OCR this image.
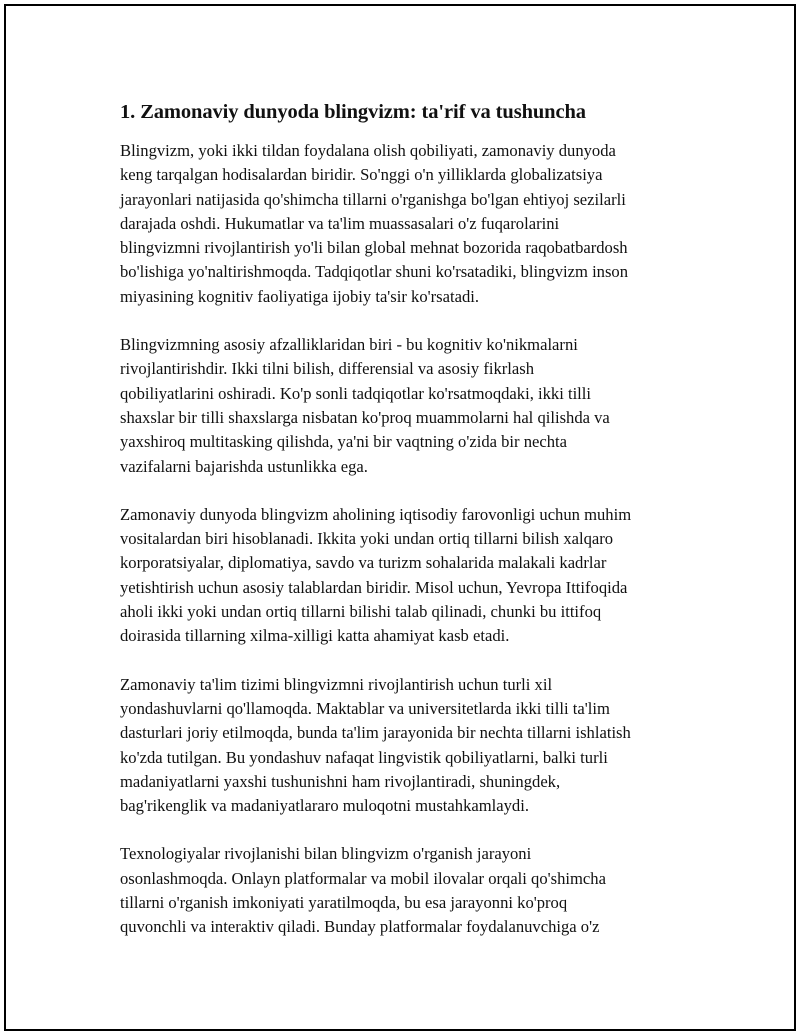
1. Zamonaviy dunyoda blingvizm: ta'rif va tushuncha

Blingvizm, yoki ikki tildan foydalana olish qobiliyati, zamonaviy dunyoda
keng tarqalgan hodisalardan biridir. So'nggi o'n yilliklarda globalizatsiya
jarayonlari natijasida qo'shimcha tillarni o'rganishga bo'lgan ehtiyoj sezilarli
darajada oshdi. Hukumatlar va ta'lim muassasalari o'z fuqarolarini
blingvizmni rivojlantirish yo'li bilan global mehnat bozorida raqobatbardosh
bo'lishiga yo'naltirishmoqda. Tadqiqotlar shuni ko'rsatadiki, blingvizm inson
miyasining kognitiv faoliyatiga ijobiy ta'sir ko'rsatadi.

Blingvizmning asosiy afzalliklaridan biri - bu kognitiv ko'nikmalarni
rivojlantirishdir. Ikki tilni bilish, differensial va asosiy fikrlash
qobiliyatlarini oshiradi. Ko'p sonli tadqiqotlar ko'rsatmoqdaki, ikki tilli
shaxslar bir tilli shaxslarga nisbatan ko'proq muammolarni hal qilishda va
yaxshiroq multitasking qilishda, ya'ni bir vaqtning o'zida bir nechta
vazifalarni bajarishda ustunlikka ega.

Zamonaviy dunyoda blingvizm aholining iqtisodiy farovonligi uchun muhim
vositalardan biri hisoblanadi. Ikkita yoki undan ortiq tillarni bilish xalqaro
korporatsiyalar, diplomatiya, savdo va turizm sohalarida malakali kadrlar
yetishtirish uchun asosiy talablardan biridir. Misol uchun, Yevropa Ittifoqida
aholi ikki yoki undan ortiq tillarni bilishi talab qilinadi, chunki bu ittifoq
doirasida tillarning xilma-xilligi katta ahamiyat kasb etadi.

Zamonaviy ta'lim tizimi blingvizmni rivojlantirish uchun turli xil
yondashuvlarni qo'llamoqda. Maktablar va universitetlarda ikki tilli ta'lim
dasturlari joriy etilmoqda, bunda ta'lim jarayonida bir nechta tillarni ishlatish
ko'zda tutilgan. Bu yondashuv nafaqat lingvistik qobiliyatlarni, balki turli
madaniyatlarni yaxshi tushunishni ham rivojlantiradi, shuningdek,
bag'rikenglik va madaniyatlararo muloqotni mustahkamlaydi.

Texnologiyalar rivojlanishi bilan blingvizm o'rganish jarayoni
osonlashmoqda. Onlayn platformalar va mobil ilovalar orqali qo'shimcha
tillarni o'rganish imkoniyati yaratilmoqda, bu esa jarayonni ko'proq
quvonchli va interaktiv qiladi. Bunday platformalar foydalanuvchiga o'z
